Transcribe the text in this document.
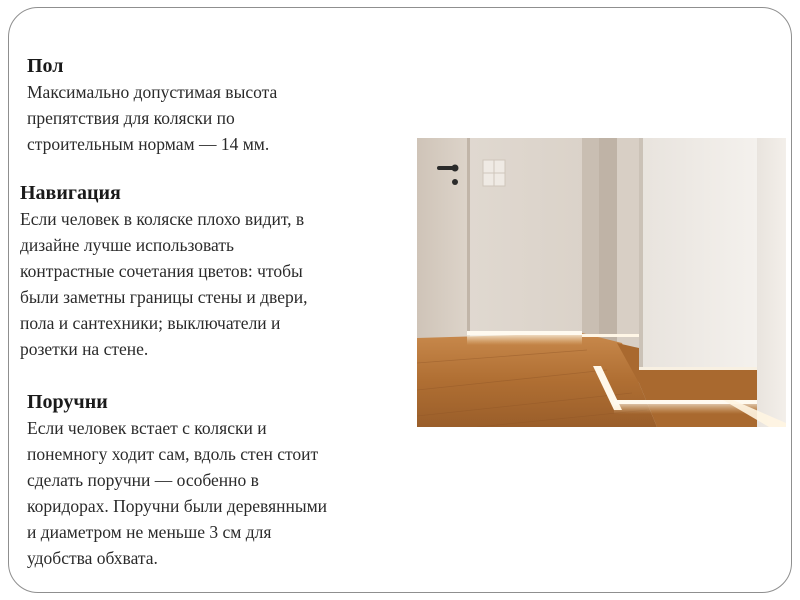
Пол

Максимально допустимая высота

препятствия для коляски по

строительным нормам — 14 мм.

Навигация

Если человек в коляске плохо видит, в

дизайне лучше использовать

контрастные сочетания цветов: чтобы

были заметны границы стены и двери,

пола и сантехники; выключатели и

розетки на стене.

Поручни

Если человек встает с коляски и

понемногу ходит сам, вдоль стен стоит

сделать поручни — особенно в

коридорах. Поручни были деревянными

и диаметром не меньше 3 см для

удобства обхвата.
